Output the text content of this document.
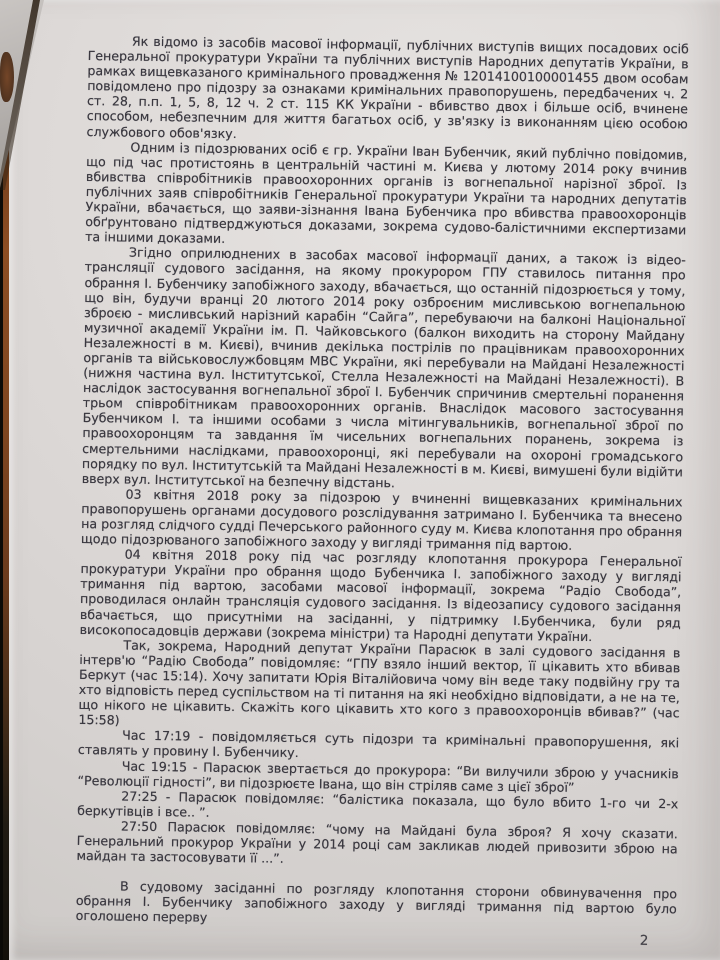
Як відомо із засобів масової інформації, публічних виступів вищих посадових осіб Генеральної прокуратури України та публічних виступів Народних депутатів України, в рамках вищевказаного кримінального провадження № 12014100100001455 двом особам повідомлено про підозру за ознаками кримінальних правопорушень, передбачених ч. 2 ст. 28, п.п. 1, 5, 8, 12 ч. 2 ст. 115 КК України - вбивство двох і більше осіб, вчинене способом, небезпечним для життя багатьох осіб, у зв'язку із виконанням цією особою службового обов'язку.

Одним із підозрюваних осіб є гр. України Іван Бубенчик, який публічно повідомив, що під час протистоянь в центральній частині м. Києва у лютому 2014 року вчинив вбивства співробітників правоохоронних органів із вогнепальної нарізної зброї. Із публічних заяв співробітників Генеральної прокуратури України та народних депутатів України, вбачається, що заяви-зізнання Івана Бубенчика про вбивства правоохоронців обґрунтовано підтверджуються доказами, зокрема судово-балістичними експертизами та іншими доказами.

Згідно оприлюднених в засобах масової інформації даних, а також із відео-трансляції судового засідання, на якому прокурором ГПУ ставилось питання про обрання І. Бубенчику запобіжного заходу, вбачається, що останній підозрюється у тому, що він, будучи вранці 20 лютого 2014 року озброєним мисливською вогнепальною зброєю - мисливський нарізний карабін “Сайга”, перебуваючи на балконі Національної музичної академії України ім. П. Чайковського (балкон виходить на сторону Майдану Незалежності в м. Києві), вчинив декілька пострілів по працівникам правоохоронних органів та військовослужбовцям МВС України, які перебували на Майдані Незалежності (нижня частина вул. Інститутської, Стелла Незалежності на Майдані Незалежності). В наслідок застосування вогнепальної зброї І. Бубенчик спричинив смертельні поранення трьом співробітникам правоохоронних органів. Внаслідок масового застосування Бубенчиком І. та іншими особами з числа мітингувальників, вогнепальної зброї по правоохоронцям та завдання їм чисельних вогнепальних поранень, зокрема із смертельними наслідками, правоохоронці, які перебували на охороні громадського порядку по вул. Інститутській та Майдані Незалежності в м. Києві, вимушені були відійти вверх вул. Інститутської на безпечну відстань.

03 квітня 2018 року за підозрою у вчиненні вищевказаних кримінальних правопорушень органами досудового розслідування затримано І. Бубенчика та внесено на розгляд слідчого судді Печерського районного суду м. Києва клопотання про обрання щодо підозрюваного запобіжного заходу у вигляді тримання під вартою.

04 квітня 2018 року під час розгляду клопотання прокурора Генеральної прокуратури України про обрання щодо Бубенчика І. запобіжного заходу у вигляді тримання під вартою, засобами масової інформації, зокрема “Радіо Свобода”, проводилася онлайн трансляція судового засідання. Із відеозапису судового засідання вбачається, що присутніми на засіданні, у підтримку І.Бубенчика, були ряд високопосадовців держави (зокрема міністри) та Народні депутати України.

Так, зокрема, Народний депутат України Парасюк в залі судового засідання в інтерв'ю “Радію Свобода” повідомляє: “ГПУ взяло інший вектор, її цікавить хто вбивав Беркут (час 15:14). Хочу запитати Юрія Віталійовича чому він веде таку подвійну гру та хто відповість перед суспільством на ті питання на які необхідно відповідати, а не на те, що нікого не цікавить. Скажіть кого цікавить хто кого з правоохоронців вбивав?” (час 15:58)

Час 17:19 - повідомляється суть підозри та кримінальні правопорушення, які ставлять у провину І. Бубенчику.

Час 19:15 - Парасюк звертається до прокурора: “Ви вилучили зброю у учасників “Революції гідності”, ви підозрюєте Івана, що він стріляв саме з цієї зброї”

27:25 - Парасюк повідомляє: “балістика показала, що було вбито 1-го чи 2-х беркутівців і все.. ”.

27:50 Парасюк повідомляє: “чому на Майдані була зброя? Я хочу сказати. Генеральний прокурор України у 2014 році сам закликав людей привозити зброю на майдан та застосовувати її ...”.

В судовому засіданні по розгляду клопотання сторони обвинувачення про обрання І. Бубенчику запобіжного заходу у вигляді тримання під вартою було оголошено перерву

2
